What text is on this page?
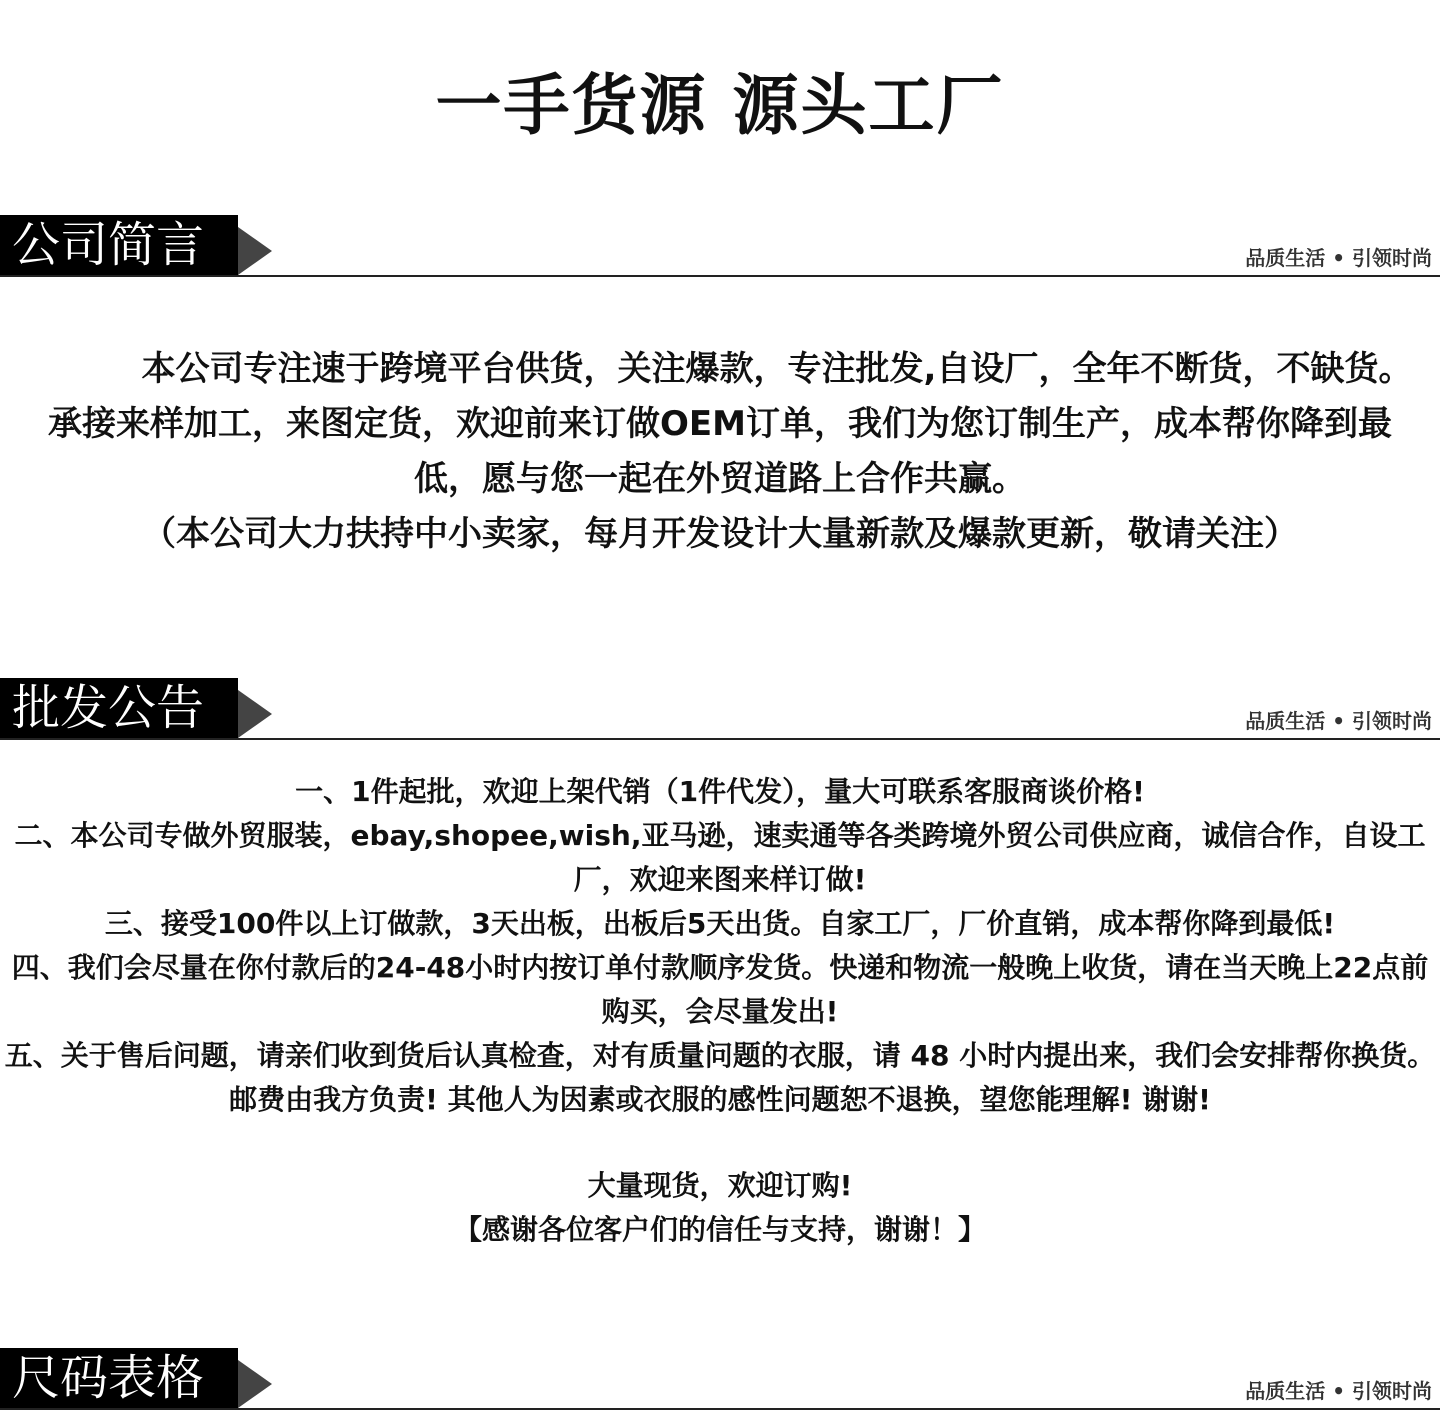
一手货源 源头工厂
公司简言	品质生活 • 引领时尚

本公司专注速于跨境平台供货，关注爆款，专注批发,自设厂，全年不断货，不缺货。

承接来样加工，来图定货，欢迎前来订做OEM订单，我们为您订制生产，成本帮你降到最低，愿与您一起在外贸道路上合作共赢。

（本公司大力扶持中小卖家，每月开发设计大量新款及爆款更新，敬请关注）

批发公告	品质生活 • 引领时尚

一、1件起批，欢迎上架代销（1件代发），量大可联系客服商谈价格!

二、本公司专做外贸服装，ebay,shopee,wish,亚马逊，速卖通等各类跨境外贸公司供应商，诚信合作，自设工厂，欢迎来图来样订做!

三、接受100件以上订做款，3天出板，出板后5天出货。自家工厂，厂价直销，成本帮你降到最低!

四、我们会尽量在你付款后的24-48小时内按订单付款顺序发货。快递和物流一般晚上收货，请在当天晚上22点前购买，会尽量发出!

五、关于售后问题，请亲们收到货后认真检查，对有质量问题的衣服，请 48 小时内提出来，我们会安排帮你换货。邮费由我方负责! 其他人为因素或衣服的感性问题恕不退换，望您能理解! 谢谢!

大量现货，欢迎订购!

【感谢各位客户们的信任与支持，谢谢！】

尺码表格	品质生活 • 引领时尚
